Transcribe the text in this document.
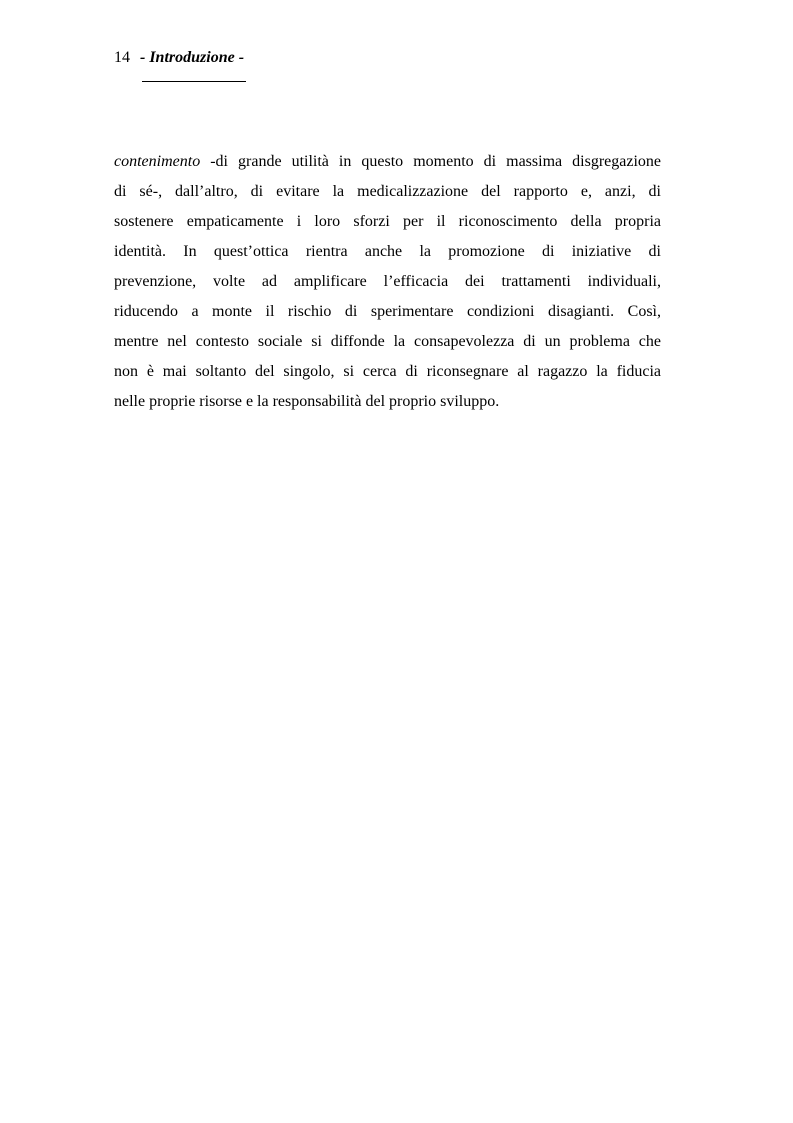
14 - Introduzione -

contenimento -di grande utilità in questo momento di massima disgregazione
di sé-, dall’altro, di evitare la medicalizzazione del rapporto e, anzi, di
sostenere empaticamente i loro sforzi per il riconoscimento della propria
identità. In quest’ottica rientra anche la promozione di iniziative di
prevenzione, volte ad amplificare l’efficacia dei trattamenti individuali,
riducendo a monte il rischio di sperimentare condizioni disagianti. Così,
mentre nel contesto sociale si diffonde la consapevolezza di un problema che
non è mai soltanto del singolo, si cerca di riconsegnare al ragazzo la fiducia
nelle proprie risorse e la responsabilità del proprio sviluppo.
